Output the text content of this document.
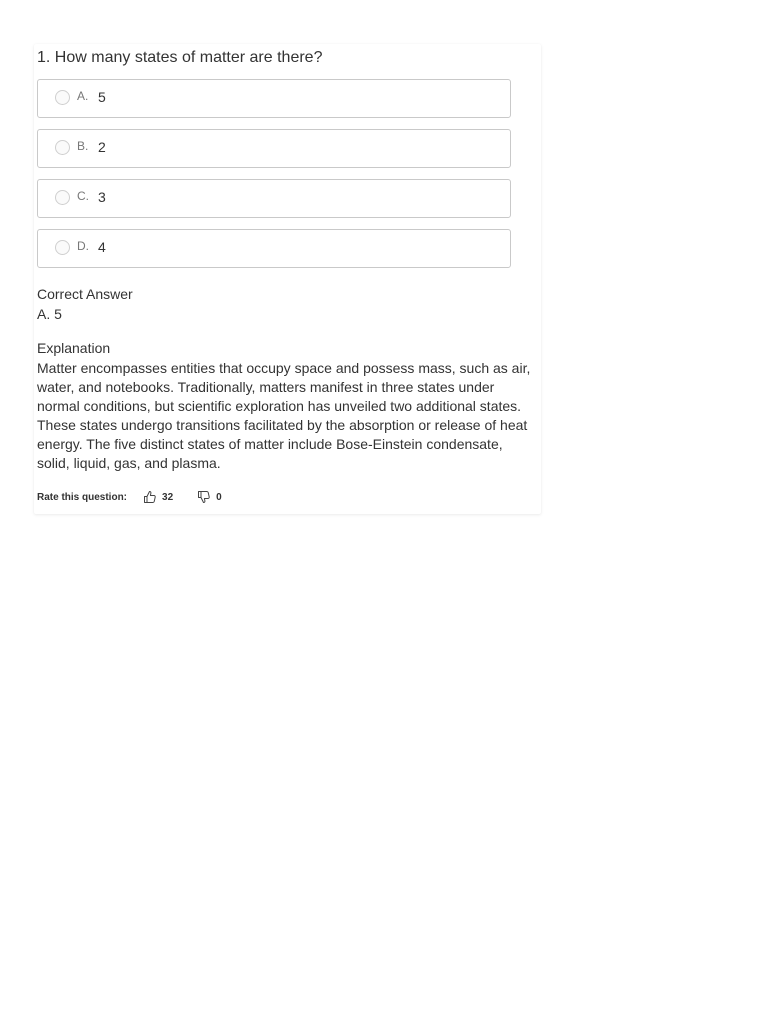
1. How many states of matter are there?

A. 5
B. 2
C. 3
D. 4
Correct Answer
A. 5
Explanation

Matter encompasses entities that occupy space and possess mass, such as air, water, and notebooks. Traditionally, matters manifest in three states under normal conditions, but scientific exploration has unveiled two additional states. These states undergo transitions facilitated by the absorption or release of heat energy. The five distinct states of matter include Bose-Einstein condensate, solid, liquid, gas, and plasma.

Rate this question:	32	0
